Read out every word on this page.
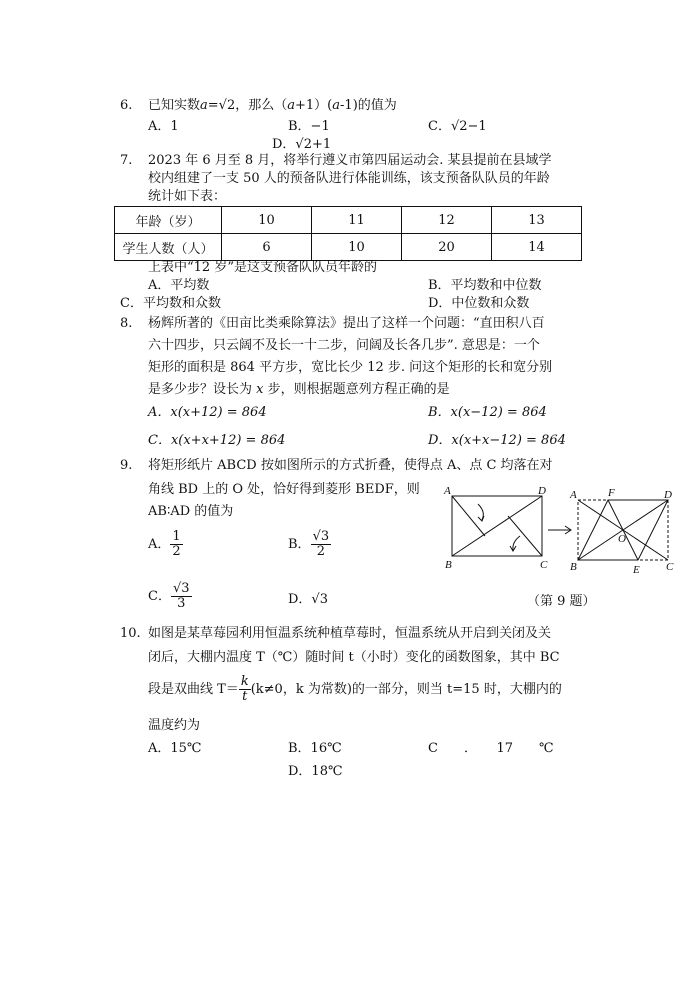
6. 已知实数a=√2，那么（a+1）(a-1)的值为
A．1	B．−1	C．√2−1
D．√2+1
7. 2023 年 6 月至 8 月，将举行遵义市第四届运动会. 某县提前在县域学
校内组建了一支 50 人的预备队进行体能训练，该支预备队队员的年龄
统计如下表：
年龄（岁）	10	11	12	13
学生人数（人）	6	10	20	14
上表中“12 岁”是这支预备队队员年龄的
A．平均数	B．平均数和中位数
C．平均数和众数	D．中位数和众数
8. 杨辉所著的《田亩比类乘除算法》提出了这样一个问题：“直田积八百
六十四步，只云阔不及长一十二步，问阔及长各几步”. 意思是：一个
矩形的面积是 864 平方步，宽比长少 12 步. 问这个矩形的长和宽分别
是多少步？设长为 x 步，则根据题意列方程正确的是
A．x(x+12) = 864	B．x(x−12) = 864
C．x(x+x+12) = 864	D．x(x+x−12) = 864
9. 将矩形纸片 ABCD 按如图所示的方式折叠，使得点 A、点 C 均落在对
角线 BD 上的 O 处，恰好得到菱形 BEDF，则
AB∶AD 的值为
A． $\frac{1}{2}$	B． $\frac{√3}{2}$
C． $\frac{√3}{3}$	D．√3	（第 9 题）
A	D
B	C
A	F	D
O
B	E C
10. 如图是某草莓园利用恒温系统种植草莓时，恒温系统从开启到关闭及关
闭后，大棚内温度 T（℃）随时间 t（小时）变化的函数图象，其中 BC
段是双曲线 $T= \frac{k}{t} (k\ne 0$，k 为常数)的一部分，则当 t=15 时，大棚内的
温度约为
A．15℃	B．16℃	C　　．　　17　　℃
D．18℃
